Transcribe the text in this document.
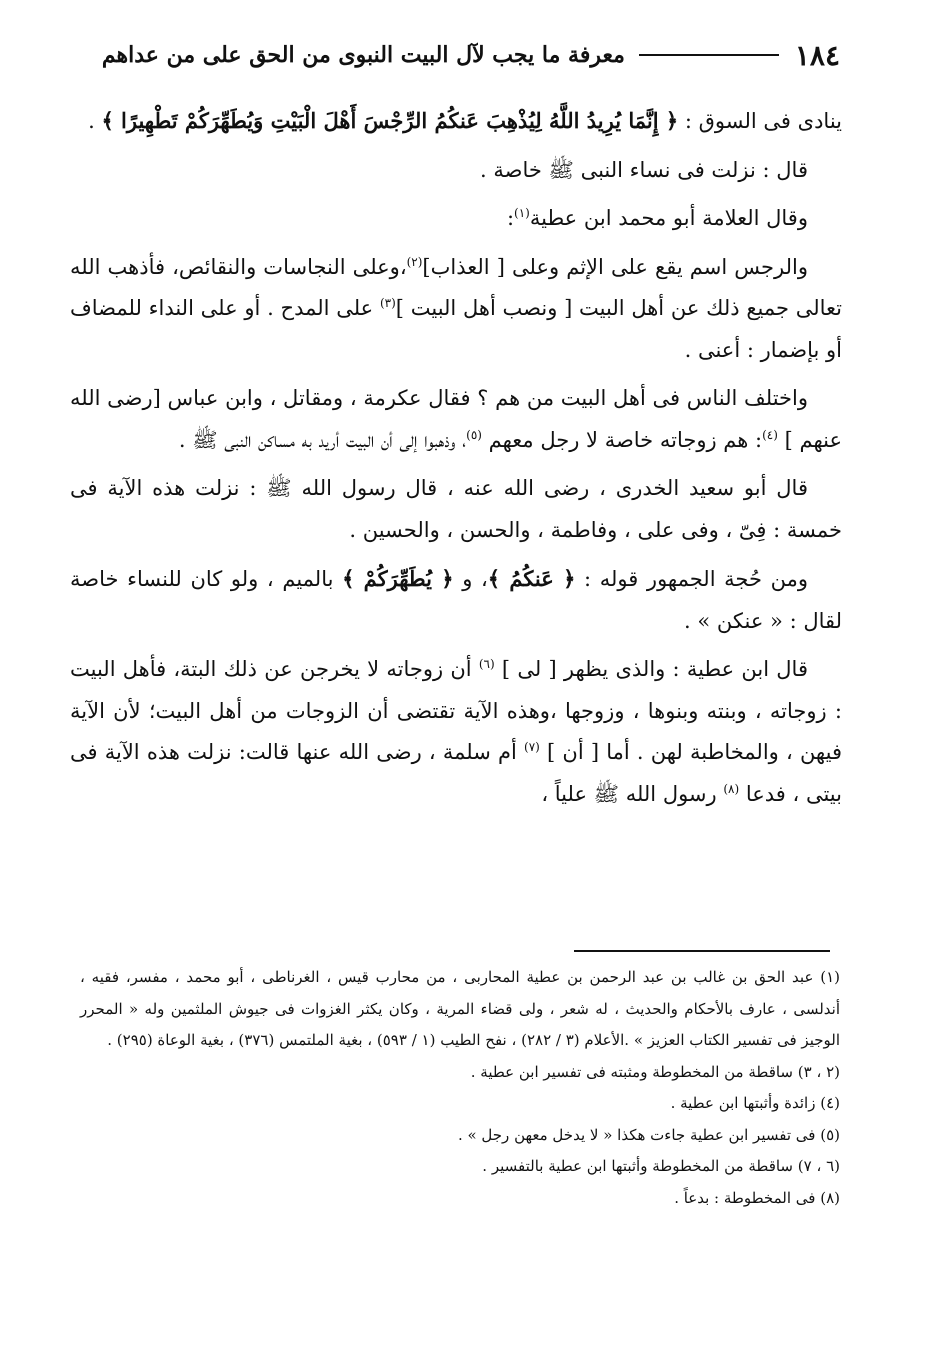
١٨٤
معرفة ما يجب لآل البيت النبوى من الحق على من عداهم

ينادى فى السوق : ﴿ إِنَّمَا يُرِيدُ اللَّهُ لِيُذْهِبَ عَنكُمُ الرِّجْسَ أَهْلَ الْبَيْتِ وَيُطَهِّرَكُمْ تَطْهِيرًا ﴾ .

قال : نزلت فى نساء النبى ﷺ خاصة .

وقال العلامة أبو محمد ابن عطية$^{(١)}$:

والرجس اسم يقع على الإثم وعلى [ العذاب]$^{(٢)}$،وعلى النجاسات والنقائص، فأذهب الله تعالى جميع ذلك عن أهل البيت [ ونصب أهل البيت ]$^{(٣)}$ على المدح . أو على النداء للمضاف أو بإضمار : أعنى .

واختلف الناس فى أهل البيت من هم ؟ فقال عكرمة ، ومقاتل ، وابن عباس [رضى الله عنهم ] $^{(٤)}$: هم زوجاته خاصة لا رجل معهم $^{(٥)}$، وذهبوا إلى أن البيت أريد به مساكن النبى ﷺ .

قال أبو سعيد الخدرى ، رضى الله عنه ، قال رسول الله ﷺ : نزلت هذه الآية فى خمسة : فِىّ ، وفى على ، وفاطمة ، والحسن ، والحسين .

ومن حُجة الجمهور قوله : ﴿ عَنكُمُ ﴾، و ﴿ يُطَهِّرَكُمْ ﴾ بالميم ، ولو كان للنساء خاصة لقال : « عنكن » .

قال ابن عطية : والذى يظهر [ لى ] $^{(٦)}$ أن زوجاته لا يخرجن عن ذلك البتة، فأهل البيت : زوجاته ، وبنته وبنوها ، وزوجها ،وهذه الآية تقتضى أن الزوجات من أهل البيت؛ لأن الآية فيهن ، والمخاطبة لهن . أما [ أن ] $^{(٧)}$ أم سلمة ، رضى الله عنها قالت: نزلت هذه الآية فى بيتى ، فدعا $^{(٨)}$ رسول الله ﷺ علياً ،

(١) عبد الحق بن غالب بن عبد الرحمن بن عطية المحاربى ، من محارب قيس ، الغرناطى ، أبو محمد ، مفسر، فقيه ، أندلسى ، عارف بالأحكام والحديث ، له شعر ، ولى قضاء المرية ، وكان يكثر الغزوات فى جيوش الملثمين وله « المحرر الوجيز فى تفسير الكتاب العزيز » .الأعلام (٣ / ٢٨٢) ، نفح الطيب (١ / ٥٩٣) ، بغية الملتمس (٣٧٦) ، بغية الوعاة (٢٩٥) .

(٢ ، ٣) ساقطة من المخطوطة ومثبته فى تفسير ابن عطية .

(٤) زائدة وأثبتها ابن عطية .

(٥) فى تفسير ابن عطية جاءت هكذا « لا يدخل معهن رجل » .

(٦ ، ٧) ساقطة من المخطوطة وأثبتها ابن عطية بالتفسير .

(٨) فى المخطوطة : بدعاً .
